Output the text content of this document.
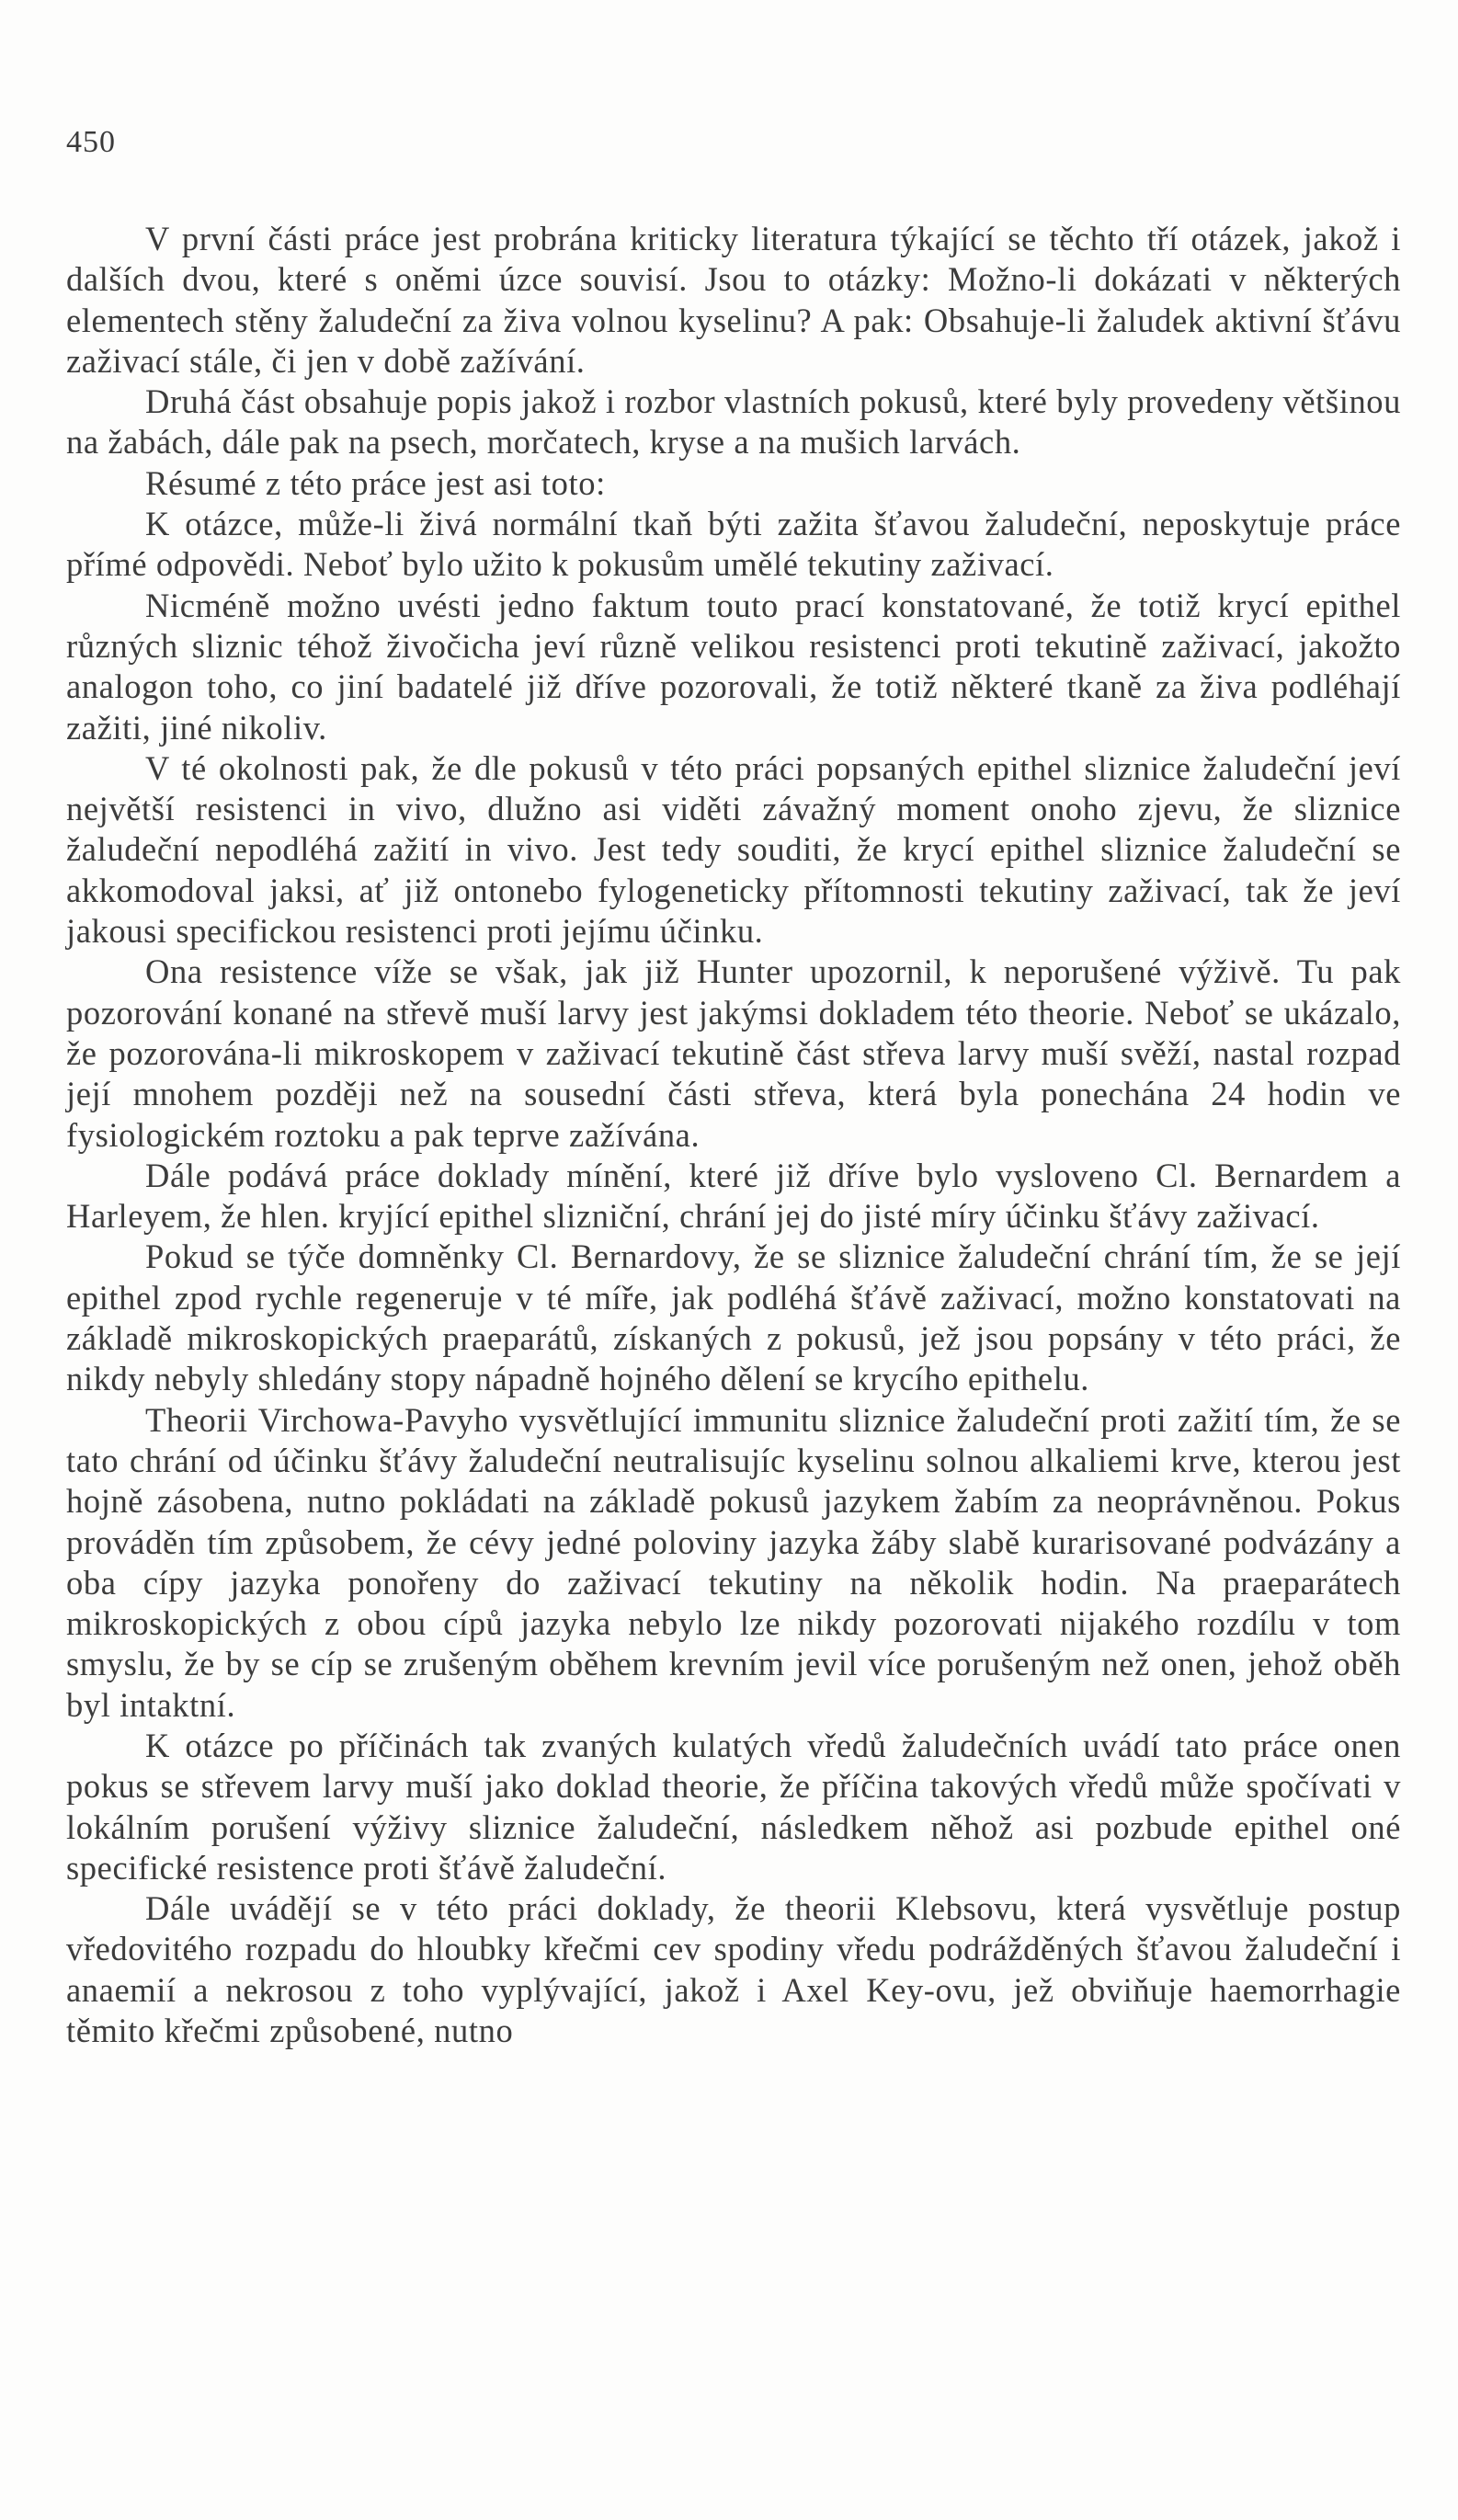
450

V první části práce jest probrána kriticky literatura týkající se těchto tří otázek, jakož i dalších dvou, které s oněmi úzce souvisí. Jsou to otázky: Možno-li dokázati v některých elementech stěny žaludeční za živa volnou kyselinu? A pak: Obsahuje-li žaludek aktivní šťávu zaživací stále, či jen v době zažívání.

Druhá část obsahuje popis jakož i rozbor vlastních pokusů, které byly provedeny většinou na žabách, dále pak na psech, morčatech, kryse a na mušich larvách.

Résumé z této práce jest asi toto:

K otázce, může-li živá normální tkaň býti zažita šťavou žaludeční, neposkytuje práce přímé odpovědi. Neboť bylo užito k pokusům umělé tekutiny zaživací.

Nicméně možno uvésti jedno faktum touto prací konstatované, že totiž krycí epithel různých sliznic téhož živočicha jeví různě velikou resistenci proti tekutině zaživací, jakožto analogon toho, co jiní badatelé již dříve pozorovali, že totiž některé tkaně za živa podléhají zažiti, jiné nikoliv.

V té okolnosti pak, že dle pokusů v této práci popsaných epithel sliznice žaludeční jeví největší resistenci in vivo, dlužno asi viděti závažný moment onoho zjevu, že sliznice žaludeční nepodléhá zažití in vivo. Jest tedy souditi, že krycí epithel sliznice žaludeční se akkomodoval jaksi, ať již ontonebo fylogeneticky přítomnosti tekutiny zaživací, tak že jeví jakousi specifickou resistenci proti jejímu účinku.

Ona resistence víže se však, jak již Hunter upozornil, k neporušené výživě. Tu pak pozorování konané na střevě muší larvy jest jakýmsi dokladem této theorie. Neboť se ukázalo, že pozorována-li mikroskopem v zaživací tekutině část střeva larvy muší svěží, nastal rozpad její mnohem později než na sousední části střeva, která byla ponechána 24 hodin ve fysiologickém roztoku a pak teprve zažívána.

Dále podává práce doklady mínění, které již dříve bylo vysloveno Cl. Bernardem a Harleyem, že hlen. kryjící epithel slizniční, chrání jej do jisté míry účinku šťávy zaživací.

Pokud se týče domněnky Cl. Bernardovy, že se sliznice žaludeční chrání tím, že se její epithel zpod rychle regeneruje v té míře, jak podléhá šťávě zaživací, možno konstatovati na základě mikroskopických praeparátů, získaných z pokusů, jež jsou popsány v této práci, že nikdy nebyly shledány stopy nápadně hojného dělení se krycího epithelu.

Theorii Virchowa-Pavyho vysvětlující immunitu sliznice žaludeční proti zažití tím, že se tato chrání od účinku šťávy žaludeční neutralisujíc kyselinu solnou alkaliemi krve, kterou jest hojně zásobena, nutno pokládati na základě pokusů jazykem žabím za neoprávněnou. Pokus prováděn tím způsobem, že cévy jedné poloviny jazyka žáby slabě kurarisované podvázány a oba cípy jazyka ponořeny do zaživací tekutiny na několik hodin. Na praeparátech mikroskopických z obou cípů jazyka nebylo lze nikdy pozorovati nijakého rozdílu v tom smyslu, že by se cíp se zrušeným oběhem krevním jevil více porušeným než onen, jehož oběh byl intaktní.

K otázce po příčinách tak zvaných kulatých vředů žaludečních uvádí tato práce onen pokus se střevem larvy muší jako doklad theorie, že příčina takových vředů může spočívati v lokálním porušení výživy sliznice žaludeční, následkem něhož asi pozbude epithel oné specifické resistence proti šťávě žaludeční.

Dále uvádějí se v této práci doklady, že theorii Klebsovu, která vysvětluje postup vředovitého rozpadu do hloubky křečmi cev spodiny vředu podrážděných šťavou žaludeční i anaemií a nekrosou z toho vyplývající, jakož i Axel Key-ovu, jež obviňuje haemorrhagie těmito křečmi způsobené, nutno
